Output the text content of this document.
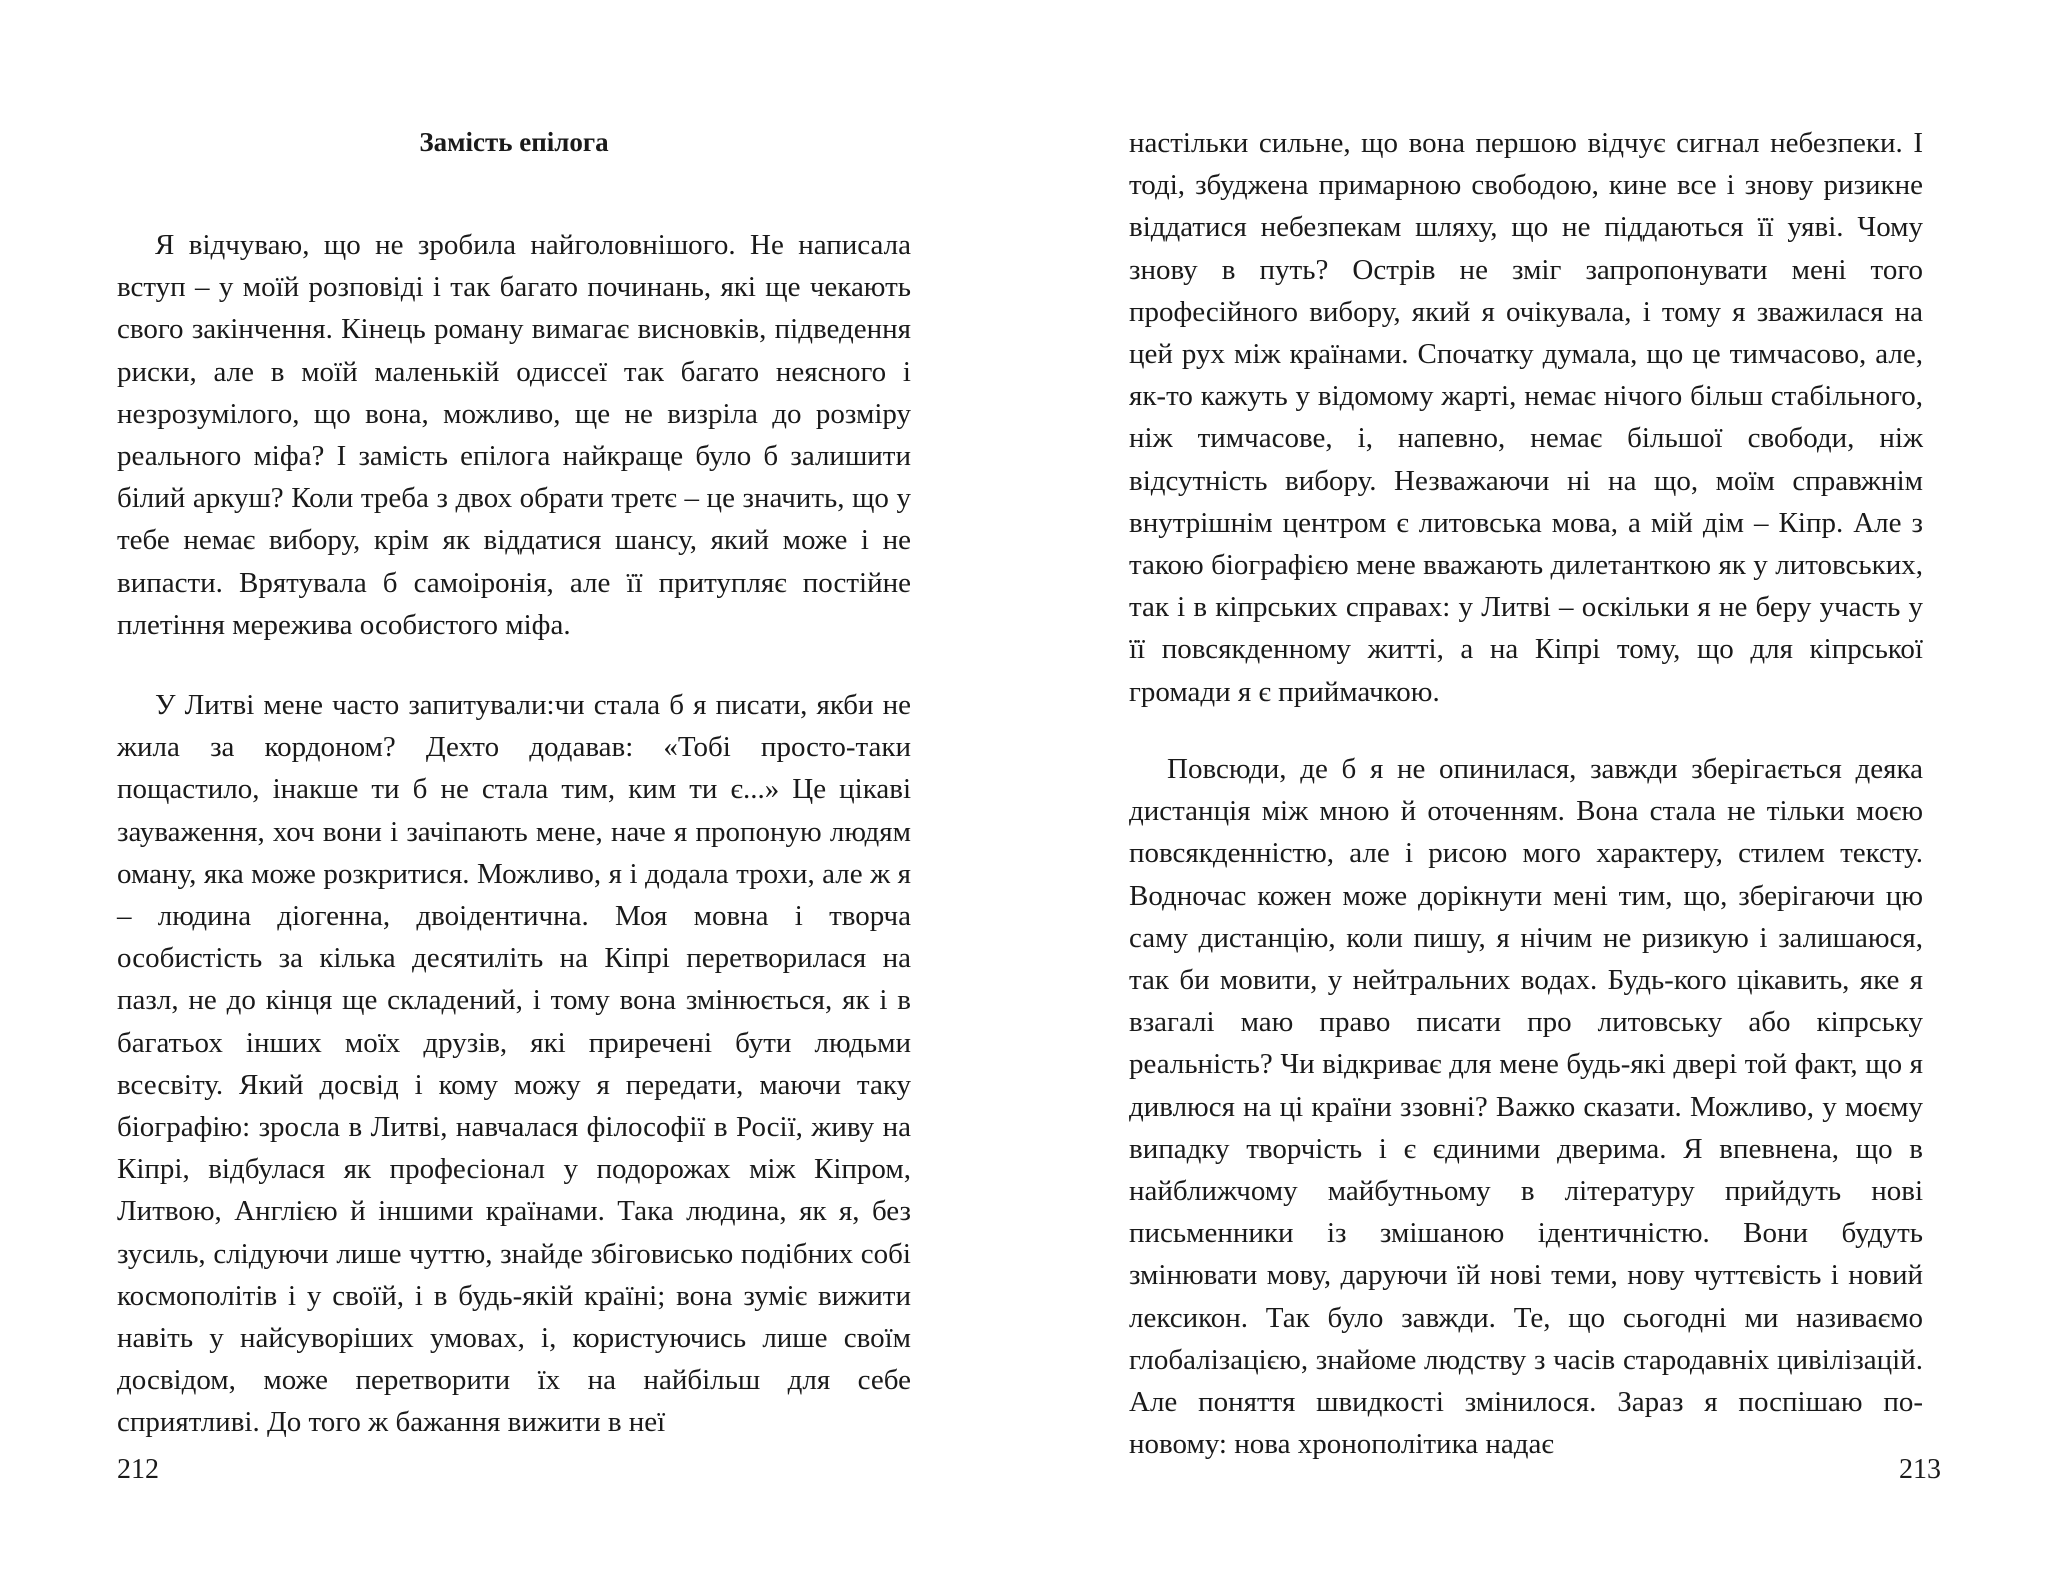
Замість епілога

Я відчуваю, що не зробила найголовнішого. Не написала вступ – у моїй розповіді і так багато починань, які ще чекають свого закінчення. Кінець роману вимагає висновків, підведення риски, але в моїй маленькій одиссеї так багато неясного і незрозумілого, що вона, можливо, ще не визріла до розміру реального міфа? І замість епілога найкраще було б залишити білий аркуш? Коли треба з двох обрати третє – це значить, що у тебе немає вибору, крім як віддатися шансу, який може і не випасти. Врятувала б самоіронія, але її притупляє постійне плетіння мережива особистого міфа.

У Литві мене часто запитували:чи стала б я писати, якби не жила за кордоном? Дехто додавав: «Тобі просто-таки пощастило, інакше ти б не стала тим, ким ти є...» Це цікаві зауваження, хоч вони і зачіпають мене, наче я пропоную людям оману, яка може розкритися. Можливо, я і додала трохи, але ж я – людина діогенна, двоідентична. Моя мовна і творча особистість за кілька десятиліть на Кіпрі перетворилася на пазл, не до кінця ще складений, і тому вона змінюється, як і в багатьох інших моїх друзів, які приречені бути людьми всесвіту. Який досвід і кому можу я передати, маючи таку біографію: зросла в Литві, навчалася філософії в Росії, живу на Кіпрі, відбулася як професіонал у подорожах між Кіпром, Литвою, Англією й іншими країнами. Така людина, як я, без зусиль, слідуючи лише чуттю, знайде збіговисько подібних собі космополітів і у своїй, і в будь-якій країні; вона зуміє вижити навіть у найсуворіших умовах, і, користуючись лише своїм досвідом, може перетворити їх на найбільш для себе сприятливі. До того ж бажання вижити в неї

212

настільки сильне, що вона першою відчує сигнал небезпеки. І тоді, збуджена примарною свободою, кине все і знову ризикне віддатися небезпекам шляху, що не піддаються її уяві. Чому знову в путь? Острів не зміг запропонувати мені того професійного вибору, який я очікувала, і тому я зважилася на цей рух між країнами. Спочатку думала, що це тимчасово, але, як-то кажуть у відомому жарті, немає нічого більш стабільного, ніж тимчасове, і, напевно, немає більшої свободи, ніж відсутність вибору. Незважаючи ні на що, моїм справжнім внутрішнім центром є литовська мова, а мій дім – Кіпр. Але з такою біографією мене вважають дилетанткою як у литовських, так і в кіпрських справах: у Литві – оскільки я не беру участь у її повсякденному житті, а на Кіпрі тому, що для кіпрської громади я є приймачкою.

Повсюди, де б я не опинилася, завжди зберігається деяка дистанція між мною й оточенням. Вона стала не тільки моєю повсякденністю, але і рисою мого характеру, стилем тексту. Водночас кожен може дорікнути мені тим, що, зберігаючи цю саму дистанцію, коли пишу, я нічим не ризикую і залишаюся, так би мовити, у нейтральних водах. Будь-кого цікавить, яке я взагалі маю право писати про литовську або кіпрську реальність? Чи відкриває для мене будь-які двері той факт, що я дивлюся на ці країни ззовні? Важко сказати. Можливо, у моєму випадку творчість і є єдиними дверима. Я впевнена, що в найближчому майбутньому в літературу прийдуть нові письменники із змішаною ідентичністю. Вони будуть змінювати мову, даруючи їй нові теми, нову чуттєвість і новий лексикон. Так було завжди. Те, що сьогодні ми називаємо глобалізацією, знайоме людству з часів стародавніх цивілізацій. Але поняття швидкості змінилося. Зараз я поспішаю по-новому: нова хронополітика надає

213
